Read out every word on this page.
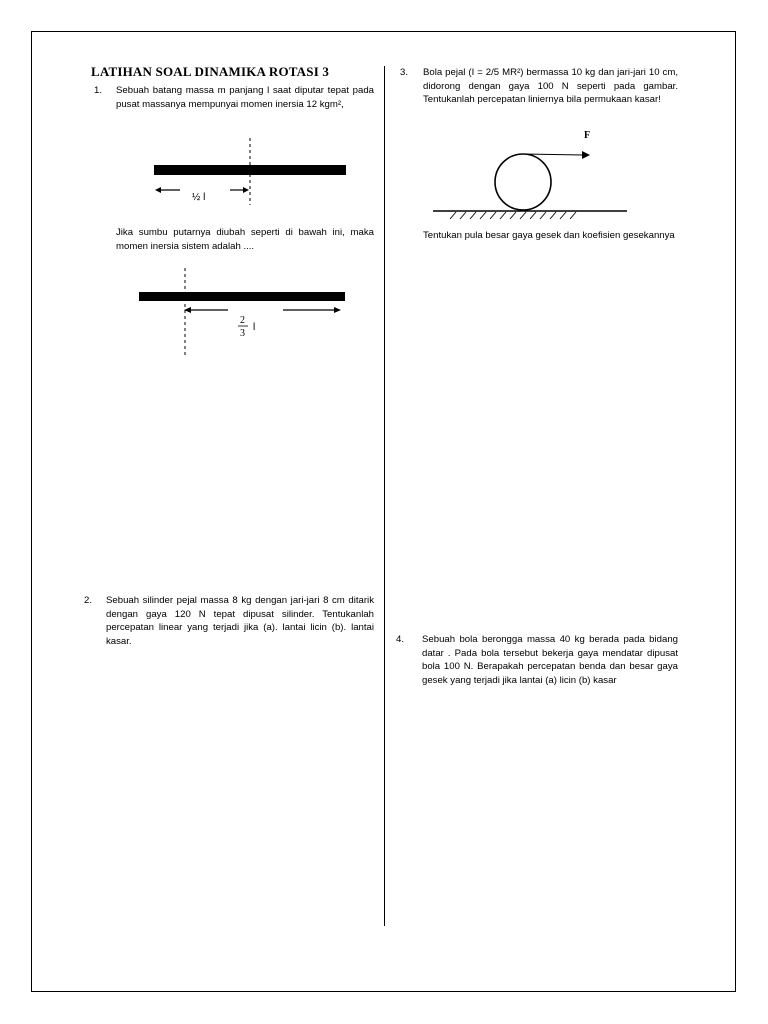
LATIHAN SOAL DINAMIKA ROTASI 3
1. Sebuah batang massa m panjang l saat diputar tepat pada pusat massanya mempunyai momen inersia 12 kgm²,
½ l
Jika sumbu putarnya diubah seperti di bawah ini, maka momen inersia sistem adalah ....
2
3
l
2. Sebuah silinder pejal massa 8 kg dengan jari-jari 8 cm ditarik dengan gaya 120 N tepat dipusat silinder. Tentukanlah percepatan linear yang terjadi jika (a). lantai licin (b). lantai kasar.
3. Bola pejal (I = 2/5 MR²) bermassa 10 kg dan jari-jari 10 cm, didorong dengan gaya 100 N seperti pada gambar. Tentukanlah percepatan liniernya bila permukaan kasar!
F
Tentukan pula besar gaya gesek dan koefisien gesekannya
4. Sebuah bola berongga massa 40 kg berada pada bidang datar . Pada bola tersebut bekerja gaya mendatar dipusat bola 100 N. Berapakah percepatan benda dan besar gaya gesek yang terjadi jika lantai (a) licin (b) kasar
